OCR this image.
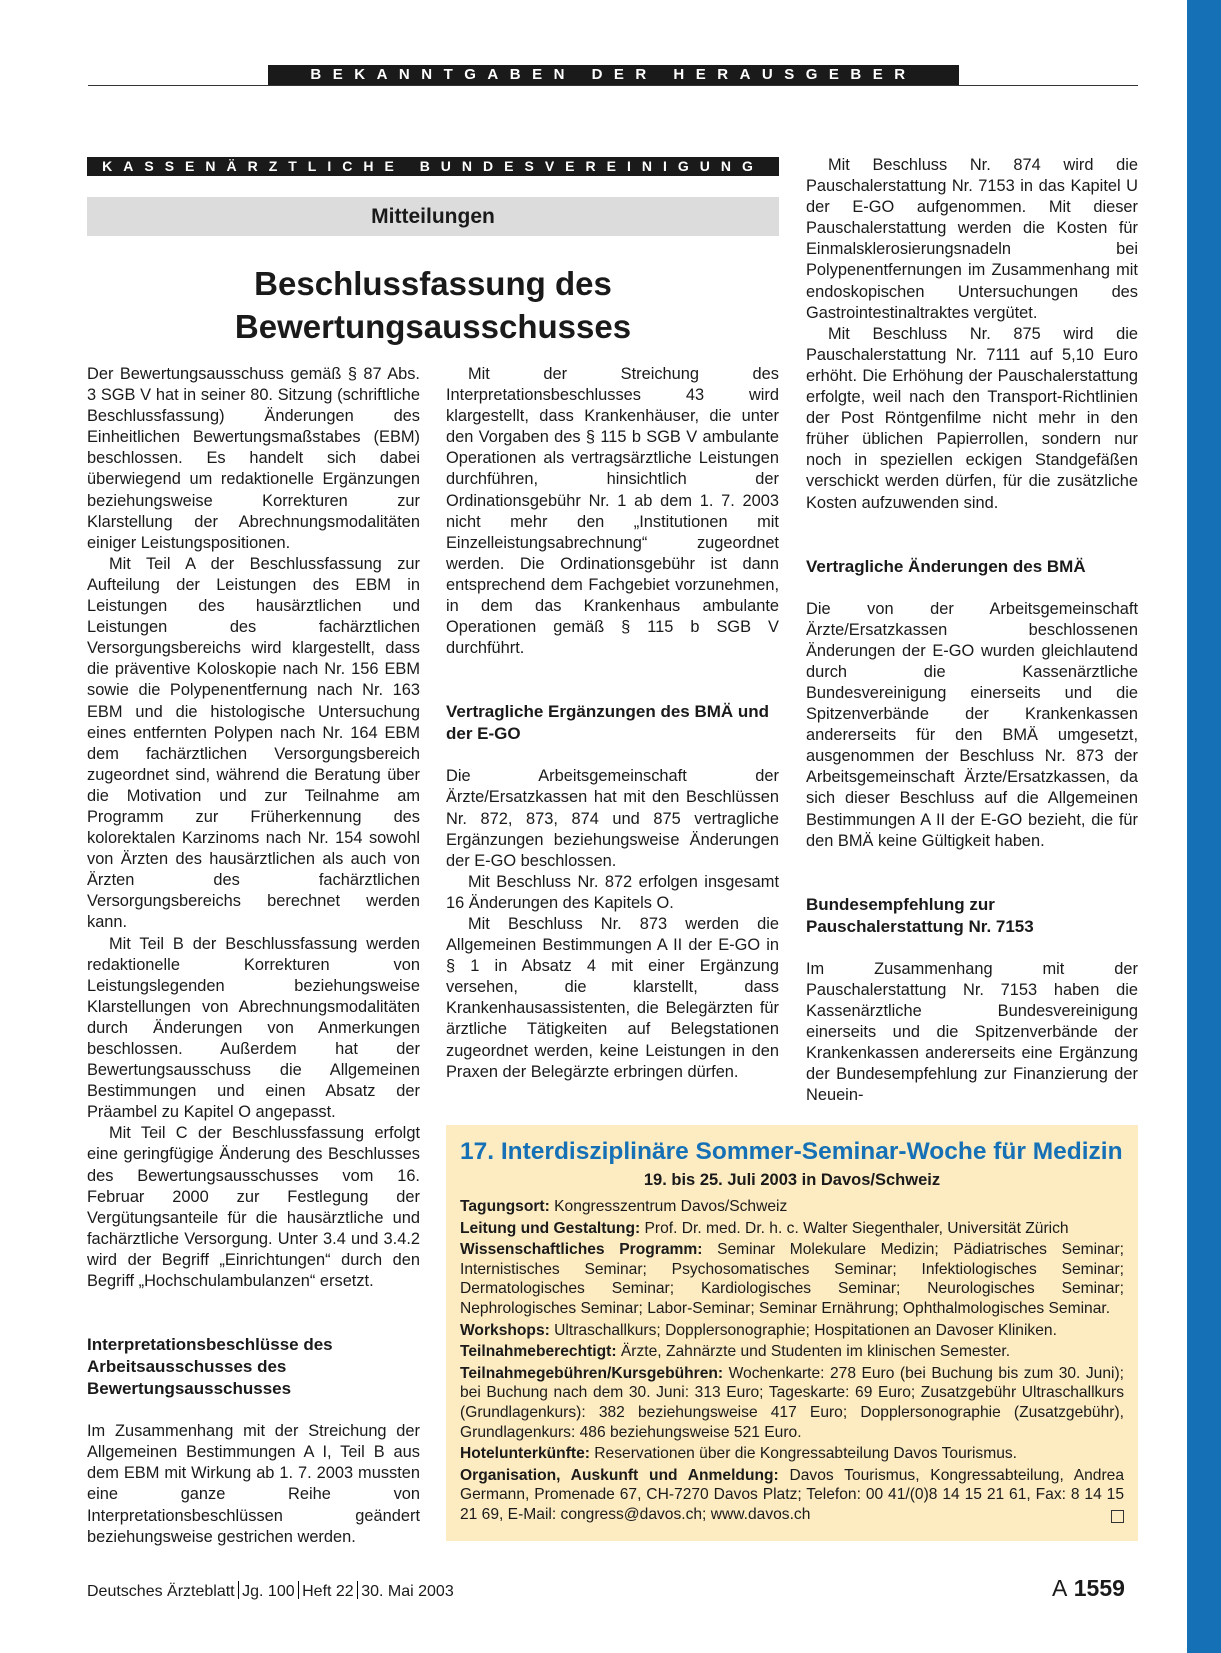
BEKANNTGABEN DER HERAUSGEBER
KASSENÄRZTLICHE BUNDESVEREINIGUNG
Mitteilungen
Beschlussfassung des
Bewertungsausschusses

Der Bewertungsausschuss gemäß § 87 Abs. 3 SGB V hat in seiner 80. Sitzung (schriftliche Beschlussfassung) Änderungen des Einheitlichen Bewertungsmaßstabes (EBM) beschlossen. Es handelt sich dabei überwiegend um redaktionelle Ergänzungen beziehungsweise Korrekturen zur Klarstellung der Abrechnungsmodalitäten einiger Leistungspositionen.

Mit Teil A der Beschlussfassung zur Aufteilung der Leistungen des EBM in Leistungen des hausärztlichen und Leistungen des fachärztlichen Versorgungsbereichs wird klargestellt, dass die präventive Koloskopie nach Nr. 156 EBM sowie die Polypenentfernung nach Nr. 163 EBM und die histologische Untersuchung eines entfernten Polypen nach Nr. 164 EBM dem fachärztlichen Versorgungsbereich zugeordnet sind, während die Beratung über die Motivation und zur Teilnahme am Programm zur Früherkennung des kolorektalen Karzinoms nach Nr. 154 sowohl von Ärzten des hausärztlichen als auch von Ärzten des fachärztlichen Versorgungsbereichs berechnet werden kann.

Mit Teil B der Beschlussfassung werden redaktionelle Korrekturen von Leistungslegenden beziehungsweise Klarstellungen von Abrechnungsmodalitäten durch Änderungen von Anmerkungen beschlossen. Außerdem hat der Bewertungsausschuss die Allgemeinen Bestimmungen und einen Absatz der Präambel zu Kapitel O angepasst.

Mit Teil C der Beschlussfassung erfolgt eine geringfügige Änderung des Beschlusses des Bewertungsausschusses vom 16. Februar 2000 zur Festlegung der Vergütungsanteile für die hausärztliche und fachärztliche Versorgung. Unter 3.4 und 3.4.2 wird der Begriff „Einrichtungen“ durch den Begriff „Hochschulambulanzen“ ersetzt.

Interpretationsbeschlüsse des Arbeitsausschusses des Bewertungsausschusses

Im Zusammenhang mit der Streichung der Allgemeinen Bestimmungen A I, Teil B aus dem EBM mit Wirkung ab 1. 7. 2003 mussten eine ganze Reihe von Interpretationsbeschlüssen geändert beziehungsweise gestrichen werden.

Mit der Streichung des Interpretationsbeschlusses 43 wird klargestellt, dass Krankenhäuser, die unter den Vorgaben des § 115 b SGB V ambulante Operationen als vertragsärztliche Leistungen durchführen, hinsichtlich der Ordinationsgebühr Nr. 1 ab dem 1. 7. 2003 nicht mehr den „Institutionen mit Einzelleistungsabrechnung“ zugeordnet werden. Die Ordinationsgebühr ist dann entsprechend dem Fachgebiet vorzunehmen, in dem das Krankenhaus ambulante Operationen gemäß § 115 b SGB V durchführt.

Vertragliche Ergänzungen des BMÄ und der E-GO

Die Arbeitsgemeinschaft der Ärzte/Ersatzkassen hat mit den Beschlüssen Nr. 872, 873, 874 und 875 vertragliche Ergänzungen beziehungsweise Änderungen der E-GO beschlossen.

Mit Beschluss Nr. 872 erfolgen insgesamt 16 Änderungen des Kapitels O.

Mit Beschluss Nr. 873 werden die Allgemeinen Bestimmungen A II der E-GO in § 1 in Absatz 4 mit einer Ergänzung versehen, die klarstellt, dass Krankenhausassistenten, die Belegärzten für ärztliche Tätigkeiten auf Belegstationen zugeordnet werden, keine Leistungen in den Praxen der Belegärzte erbringen dürfen.

Mit Beschluss Nr. 874 wird die Pauschalerstattung Nr. 7153 in das Kapitel U der E-GO aufgenommen. Mit dieser Pauschalerstattung werden die Kosten für Einmalsklerosierungsnadeln bei Polypenentfernungen im Zusammenhang mit endoskopischen Untersuchungen des Gastrointestinaltraktes vergütet.

Mit Beschluss Nr. 875 wird die Pauschalerstattung Nr. 7111 auf 5,10 Euro erhöht. Die Erhöhung der Pauschalerstattung erfolgte, weil nach den Transport-Richtlinien der Post Röntgenfilme nicht mehr in den früher üblichen Papierrollen, sondern nur noch in speziellen eckigen Standgefäßen verschickt werden dürfen, für die zusätzliche Kosten aufzuwenden sind.

Vertragliche Änderungen des BMÄ

Die von der Arbeitsgemeinschaft Ärzte/Ersatzkassen beschlossenen Änderungen der E-GO wurden gleichlautend durch die Kassenärztliche Bundesvereinigung einerseits und die Spitzenverbände der Krankenkassen andererseits für den BMÄ umgesetzt, ausgenommen der Beschluss Nr. 873 der Arbeitsgemeinschaft Ärzte/Ersatzkassen, da sich dieser Beschluss auf die Allgemeinen Bestimmungen A II der E-GO bezieht, die für den BMÄ keine Gültigkeit haben.

Bundesempfehlung zur
Pauschalerstattung Nr. 7153

Im Zusammenhang mit der Pauschalerstattung Nr. 7153 haben die Kassenärztliche Bundesvereinigung einerseits und die Spitzenverbände der Krankenkassen andererseits eine Ergänzung der Bundesempfehlung zur Finanzierung der Neuein-

17. Interdisziplinäre Sommer-Seminar-Woche für Medizin
19. bis 25. Juli 2003 in Davos/Schweiz

Tagungsort: Kongresszentrum Davos/Schweiz

Leitung und Gestaltung: Prof. Dr. med. Dr. h. c. Walter Siegenthaler, Universität Zürich

Wissenschaftliches Programm: Seminar Molekulare Medizin; Pädiatrisches Seminar; Internistisches Seminar; Psychosomatisches Seminar; Infektiologisches Seminar; Dermatologisches Seminar; Kardiologisches Seminar; Neurologisches Seminar; Nephrologisches Seminar; Labor-Seminar; Seminar Ernährung; Ophthalmologisches Seminar.

Workshops: Ultraschallkurs; Dopplersonographie; Hospitationen an Davoser Kliniken.

Teilnahmeberechtigt: Ärzte, Zahnärzte und Studenten im klinischen Semester.

Teilnahmegebühren/Kursgebühren: Wochenkarte: 278 Euro (bei Buchung bis zum 30. Juni); bei Buchung nach dem 30. Juni: 313 Euro; Tageskarte: 69 Euro; Zusatzgebühr Ultraschallkurs (Grundlagenkurs): 382 beziehungsweise 417 Euro; Dopplersonographie (Zusatzgebühr), Grundlagenkurs: 486 beziehungsweise 521 Euro.

Hotelunterkünfte: Reservationen über die Kongressabteilung Davos Tourismus.

Organisation, Auskunft und Anmeldung: Davos Tourismus, Kongressabteilung, Andrea Germann, Promenade 67, CH-7270 Davos Platz; Telefon: 00 41/(0)8 14 15 21 61, Fax: 8 14 15 21 69, E-Mail: congress@davos.ch; www.davos.ch

Deutsches Ärzteblatt Jg. 100 Heft 22 30. Mai 2003	A 1559
